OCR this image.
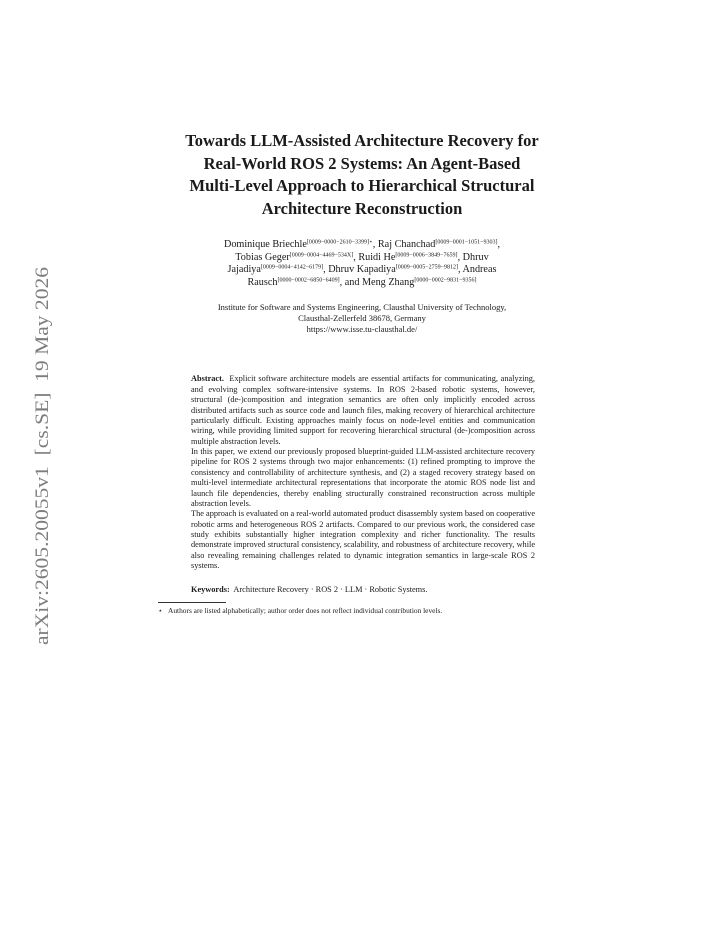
arXiv:2605.20055v1  [cs.SE]  19 May 2026
Towards LLM-Assisted Architecture Recovery for
Real-World ROS 2 Systems: An Agent-Based
Multi-Level Approach to Hierarchical Structural
Architecture Reconstruction
Dominique Briechle$^{[0009-0000-2610-3399]⋆}$, Raj Chanchad[0009−0001−1051−9303],
Tobias Geger[0009−0004−4469−534X], Ruidi He[0009−0006−3849−7659], Dhruv
Jajadiya[0009−0004−4142−6179], Dhruv Kapadiya[0009−0005−2759−9812], Andreas
Rausch[0000−0002−6850−6409], and Meng Zhang[0000−0002−9831−9356]
Institute for Software and Systems Engineering, Clausthal University of Technology,
Clausthal-Zellerfeld 38678, Germany
https://www.isse.tu-clausthal.de/

Abstract. Explicit software architecture models are essential artifacts for communicating, analyzing, and evolving complex software-intensive systems. In ROS 2-based robotic systems, however, structural (de-)composition and integration semantics are often only implicitly encoded across distributed artifacts such as source code and launch files, making recovery of hierarchical architecture particularly difficult. Existing approaches mainly focus on node-level entities and communication wiring, while providing limited support for recovering hierarchical structural (de-)composition across multiple abstraction levels.

In this paper, we extend our previously proposed blueprint-guided LLM-assisted architecture recovery pipeline for ROS 2 systems through two major enhancements: (1) refined prompting to improve the consistency and controllability of architecture synthesis, and (2) a staged recovery strategy based on multi-level intermediate architectural representations that incorporate the atomic ROS node list and launch file dependencies, thereby enabling structurally constrained reconstruction across multiple abstraction levels.

The approach is evaluated on a real-world automated product disassembly system based on cooperative robotic arms and heterogeneous ROS 2 artifacts. Compared to our previous work, the considered case study exhibits substantially higher integration complexity and richer functionality. The results demonstrate improved structural consistency, scalability, and robustness of architecture recovery, while also revealing remaining challenges related to dynamic integration semantics in large-scale ROS 2 systems.

Keywords: Architecture Recovery · ROS 2 · LLM · Robotic Systems.
⋆ Authors are listed alphabetically; author order does not reflect individual contribution levels.
